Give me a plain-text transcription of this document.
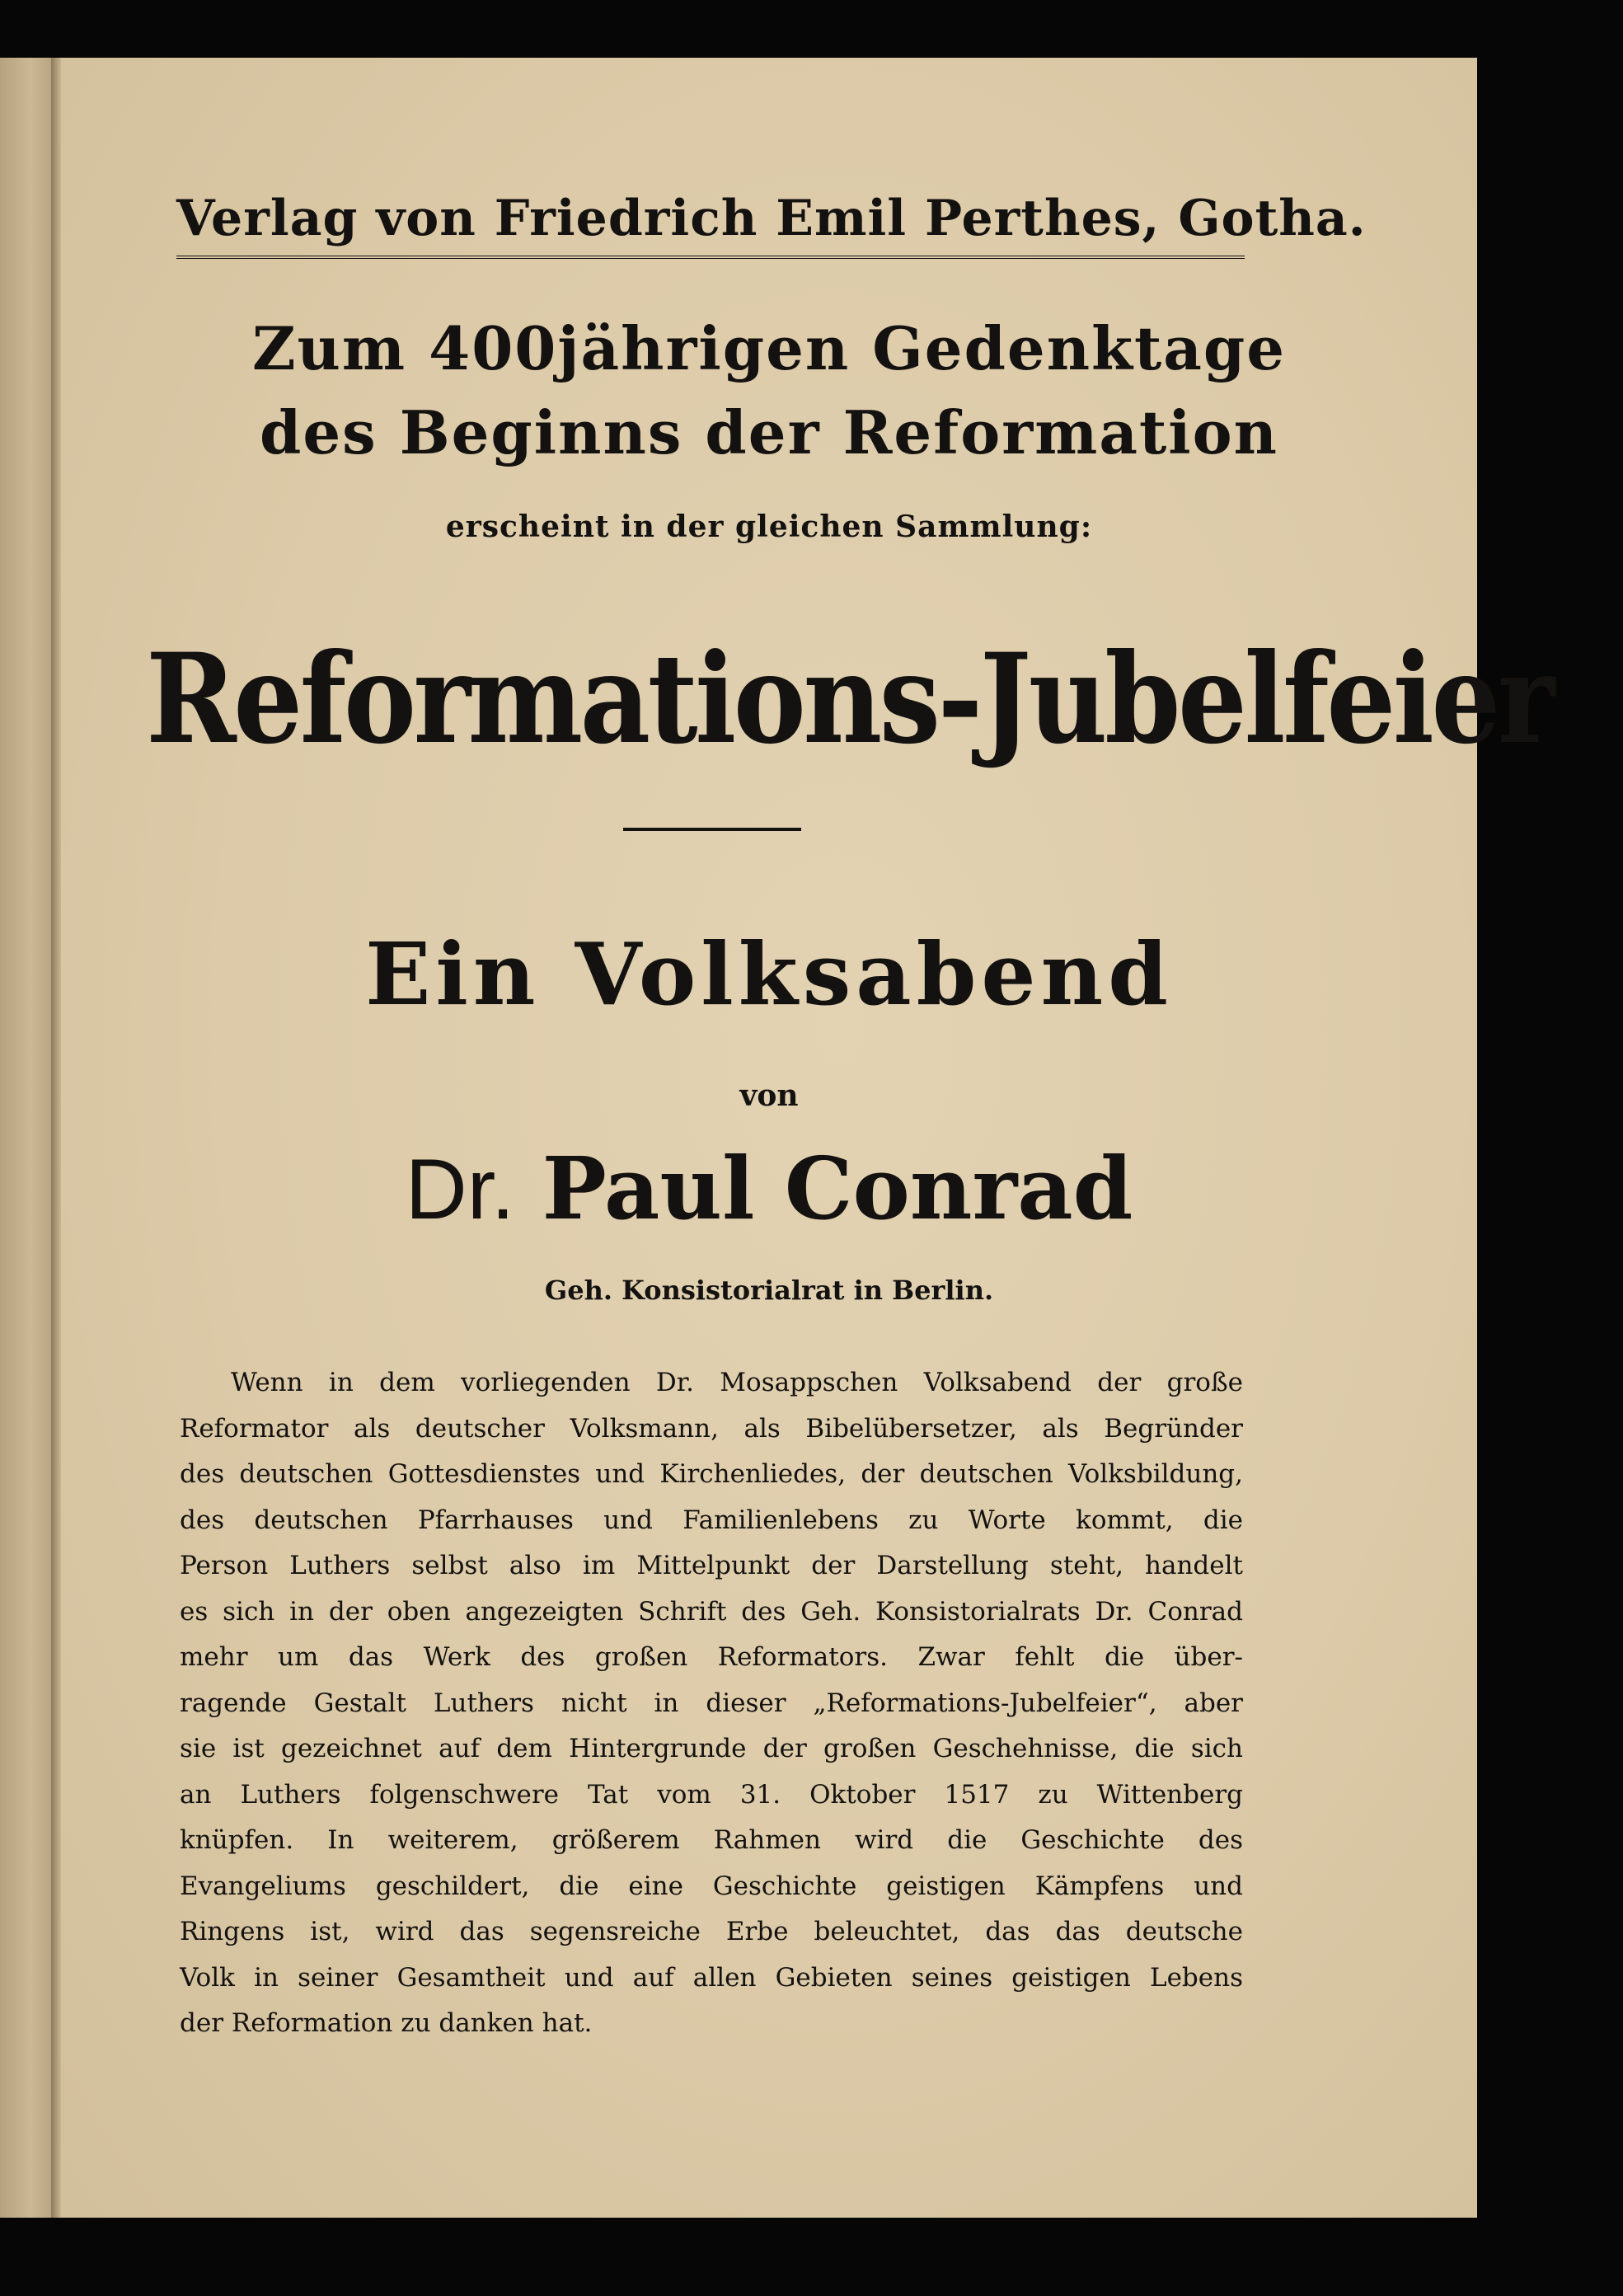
Verlag von Friedrich Emil Perthes, Gotha.
Zum 400jährigen Gedenktage
des Beginns der Reformation
erscheint in der gleichen Sammlung:
Reformations-Jubelfeier
Ein Volksabend
von
Dr. Paul Conrad
Geh. Konsistorialrat in Berlin.
Wenn in dem vorliegenden Dr. Mosappschen Volksabend der große
Reformator als deutscher Volksmann, als Bibelübersetzer, als Begründer
des deutschen Gottesdienstes und Kirchenliedes, der deutschen Volksbildung,
des deutschen Pfarrhauses und Familienlebens zu Worte kommt, die
Person Luthers selbst also im Mittelpunkt der Darstellung steht, handelt
es sich in der oben angezeigten Schrift des Geh. Konsistorialrats Dr. Conrad
mehr um das Werk des großen Reformators. Zwar fehlt die über-
ragende Gestalt Luthers nicht in dieser „Reformations-Jubelfeier“, aber
sie ist gezeichnet auf dem Hintergrunde der großen Geschehnisse, die sich
an Luthers folgenschwere Tat vom 31. Oktober 1517 zu Wittenberg
knüpfen. In weiterem, größerem Rahmen wird die Geschichte des
Evangeliums geschildert, die eine Geschichte geistigen Kämpfens und
Ringens ist, wird das segensreiche Erbe beleuchtet, das das deutsche
Volk in seiner Gesamtheit und auf allen Gebieten seines geistigen Lebens
der Reformation zu danken hat.
